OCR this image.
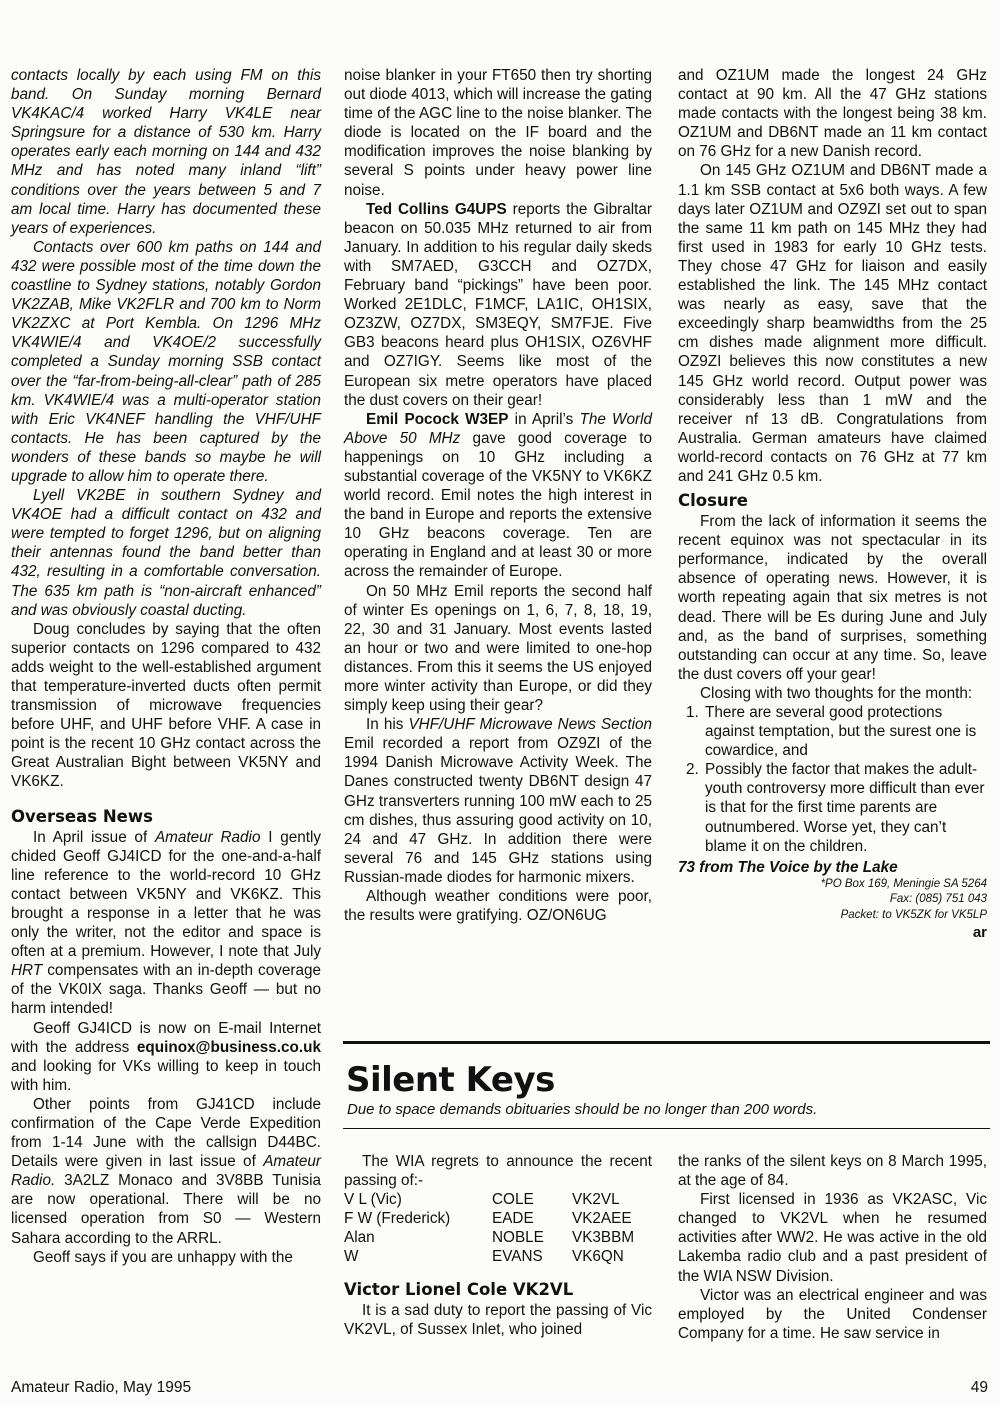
contacts locally by each using FM on this band. On Sunday morning Bernard VK4KAC/4 worked Harry VK4LE near Springsure for a distance of 530 km. Harry operates early each morning on 144 and 432 MHz and has noted many inland “lift” conditions over the years between 5 and 7 am local time. Harry has documented these years of experiences.

Contacts over 600 km paths on 144 and 432 were possible most of the time down the coastline to Sydney stations, notably Gordon VK2ZAB, Mike VK2FLR and 700 km to Norm VK2ZXC at Port Kembla. On 1296 MHz VK4WIE/4 and VK4OE/2 successfully completed a Sunday morning SSB contact over the “far-from-being-all-clear” path of 285 km. VK4WIE/4 was a multi-operator station with Eric VK4NEF handling the VHF/UHF contacts. He has been captured by the wonders of these bands so maybe he will upgrade to allow him to operate there.

Lyell VK2BE in southern Sydney and VK4OE had a difficult contact on 432 and were tempted to forget 1296, but on aligning their antennas found the band better than 432, resulting in a comfortable conversation. The 635 km path is “non-aircraft enhanced” and was obviously coastal ducting.

Doug concludes by saying that the often superior contacts on 1296 compared to 432 adds weight to the well-established argument that temperature-inverted ducts often permit transmission of microwave frequencies before UHF, and UHF before VHF. A case in point is the recent 10 GHz contact across the Great Australian Bight between VK5NY and VK6KZ.

Overseas News

In April issue of Amateur Radio I gently chided Geoff GJ4ICD for the one-and-a-half line reference to the world-record 10 GHz contact between VK5NY and VK6KZ. This brought a response in a letter that he was only the writer, not the editor and space is often at a premium. However, I note that July HRT compensates with an in-depth coverage of the VK0IX saga. Thanks Geoff — but no harm intended!

Geoff GJ4ICD is now on E-mail Internet with the address equinox@business.co.uk and looking for VKs willing to keep in touch with him.

Other points from GJ41CD include confirmation of the Cape Verde Expedition from 1-14 June with the callsign D44BC. Details were given in last issue of Amateur Radio. 3A2LZ Monaco and 3V8BB Tunisia are now operational. There will be no licensed operation from S0 — Western Sahara according to the ARRL.

Geoff says if you are unhappy with the

noise blanker in your FT650 then try shorting out diode 4013, which will increase the gating time of the AGC line to the noise blanker. The diode is located on the IF board and the modification improves the noise blanking by several S points under heavy power line noise.

Ted Collins G4UPS reports the Gibraltar beacon on 50.035 MHz returned to air from January. In addition to his regular daily skeds with SM7AED, G3CCH and OZ7DX, February band “pickings” have been poor. Worked 2E1DLC, F1MCF, LA1IC, OH1SIX, OZ3ZW, OZ7DX, SM3EQY, SM7FJE. Five GB3 beacons heard plus OH1SIX, OZ6VHF and OZ7IGY. Seems like most of the European six metre operators have placed the dust covers on their gear!

Emil Pocock W3EP in April’s The World Above 50 MHz gave good coverage to happenings on 10 GHz including a substantial coverage of the VK5NY to VK6KZ world record. Emil notes the high interest in the band in Europe and reports the extensive 10 GHz beacons coverage. Ten are operating in England and at least 30 or more across the remainder of Europe.

On 50 MHz Emil reports the second half of winter Es openings on 1, 6, 7, 8, 18, 19, 22, 30 and 31 January. Most events lasted an hour or two and were limited to one-hop distances. From this it seems the US enjoyed more winter activity than Europe, or did they simply keep using their gear?

In his VHF/UHF Microwave News Section Emil recorded a report from OZ9ZI of the 1994 Danish Microwave Activity Week. The Danes constructed twenty DB6NT design 47 GHz transverters running 100 mW each to 25 cm dishes, thus assuring good activity on 10, 24 and 47 GHz. In addition there were several 76 and 145 GHz stations using Russian-made diodes for harmonic mixers.

Although weather conditions were poor, the results were gratifying. OZ/ON6UG

and OZ1UM made the longest 24 GHz contact at 90 km. All the 47 GHz stations made contacts with the longest being 38 km. OZ1UM and DB6NT made an 11 km contact on 76 GHz for a new Danish record.

On 145 GHz OZ1UM and DB6NT made a 1.1 km SSB contact at 5x6 both ways. A few days later OZ1UM and OZ9ZI set out to span the same 11 km path on 145 MHz they had first used in 1983 for early 10 GHz tests. They chose 47 GHz for liaison and easily established the link. The 145 MHz contact was nearly as easy, save that the exceedingly sharp beamwidths from the 25 cm dishes made alignment more difficult. OZ9ZI believes this now constitutes a new 145 GHz world record. Output power was considerably less than 1 mW and the receiver nf 13 dB. Congratulations from Australia. German amateurs have claimed world-record contacts on 76 GHz at 77 km and 241 GHz 0.5 km.

Closure

From the lack of information it seems the recent equinox was not spectacular in its performance, indicated by the overall absence of operating news. However, it is worth repeating again that six metres is not dead. There will be Es during June and July and, as the band of surprises, something outstanding can occur at any time. So, leave the dust covers off your gear!

Closing with two thoughts for the month:

1. There are several good protections against temptation, but the surest one is cowardice, and
2. Possibly the factor that makes the adult-youth controversy more difficult than ever is that for the first time parents are outnumbered. Worse yet, they can’t blame it on the children.
73 from The Voice by the Lake
*PO Box 169, Meningie SA 5264
Fax: (085) 751 043
Packet: to VK5ZK for VK5LP
ar
Silent Keys
Due to space demands obituaries should be no longer than 200 words.

The WIA regrets to announce the recent passing of:-

V L (Vic)	COLE	VK2VL
F W (Frederick)	EADE	VK2AEE
Alan	NOBLE	VK3BBM
W	EVANS	VK6QN
Victor Lionel Cole VK2VL

It is a sad duty to report the passing of Vic VK2VL, of Sussex Inlet, who joined

the ranks of the silent keys on 8 March 1995, at the age of 84.

First licensed in 1936 as VK2ASC, Vic changed to VK2VL when he resumed activities after WW2. He was active in the old Lakemba radio club and a past president of the WIA NSW Division.

Victor was an electrical engineer and was employed by the United Condenser Company for a time. He saw service in

Amateur Radio, May 1995	49
